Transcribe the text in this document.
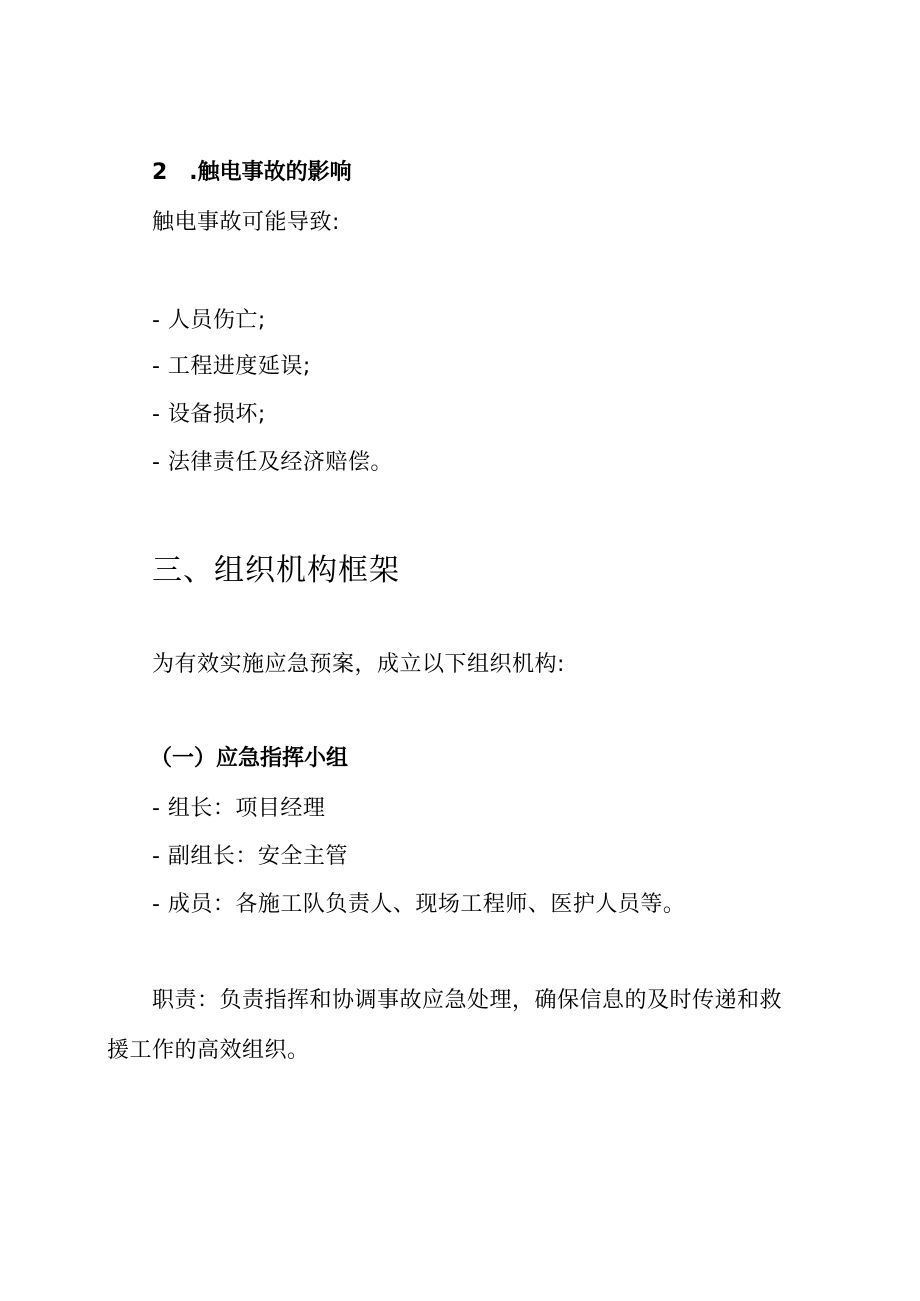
2　.触电事故的影响
触电事故可能导致:
- 人员伤亡;
- 工程进度延误;
- 设备损坏;
- 法律责任及经济赔偿。
三、组织机构框架
为有效实施应急预案，成立以下组织机构:
（一）应急指挥小组
- 组长：项目经理
- 副组长：安全主管
- 成员：各施工队负责人、现场工程师、医护人员等。
职责：负责指挥和协调事故应急处理，确保信息的及时传递和救
援工作的高效组织。
